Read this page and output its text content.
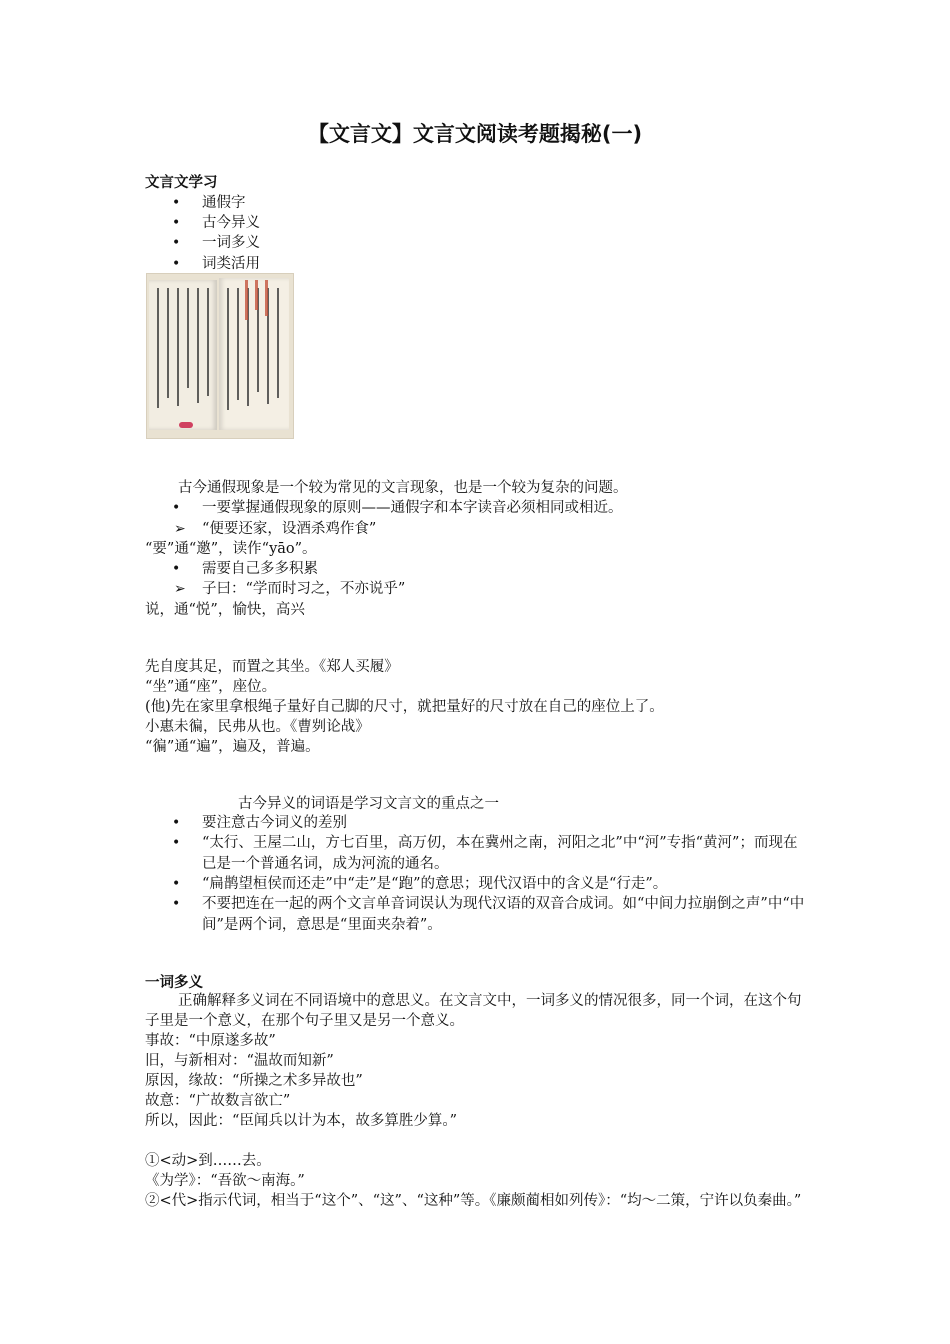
【文言文】文言文阅读考题揭秘(一)
文言文学习
• 通假字
• 古今异义
• 一词多义
• 词类活用
古今通假现象是一个较为常见的文言现象，也是一个较为复杂的问题。
• 一要掌握通假现象的原则——通假字和本字读音必须相同或相近。
➢ “便要还家，设酒杀鸡作食”
“要”通“邀”，读作“yāo”。
• 需要自己多多积累
➢ 子曰：“学而时习之，不亦说乎”
说，通“悦”，愉快，高兴
先自度其足，而置之其坐。《郑人买履》
“坐”通“座”，座位。
(他)先在家里拿根绳子量好自己脚的尺寸，就把量好的尺寸放在自己的座位上了。
小惠未徧，民弗从也。《曹刿论战》
“徧”通“遍”，遍及，普遍。
古今异义的词语是学习文言文的重点之一
• 要注意古今词义的差别
• “太行、王屋二山，方七百里，高万仞，本在冀州之南，河阳之北”中“河”专指“黄河”；而现在已是一个普通名词，成为河流的通名。
• “扁鹊望桓侯而还走”中“走”是“跑”的意思；现代汉语中的含义是“行走”。
• 不要把连在一起的两个文言单音词误认为现代汉语的双音合成词。如“中间力拉崩倒之声”中“中间”是两个词，意思是“里面夹杂着”。
一词多义
正确解释多义词在不同语境中的意思义。在文言文中，一词多义的情况很多，同一个词，在这个句子里是一个意义，在那个句子里又是另一个意义。
事故：“中原遂多故”
旧，与新相对：“温故而知新”
原因，缘故：“所操之术多异故也”
故意：“广故数言欲亡”
所以，因此：“臣闻兵以计为本，故多算胜少算。”
①<动>到……去。
《为学》：“吾欲～南海。”
②<代>指示代词，相当于“这个”、“这”、“这种”等。《廉颇蔺相如列传》：“均～二策，宁许以负秦曲。”
